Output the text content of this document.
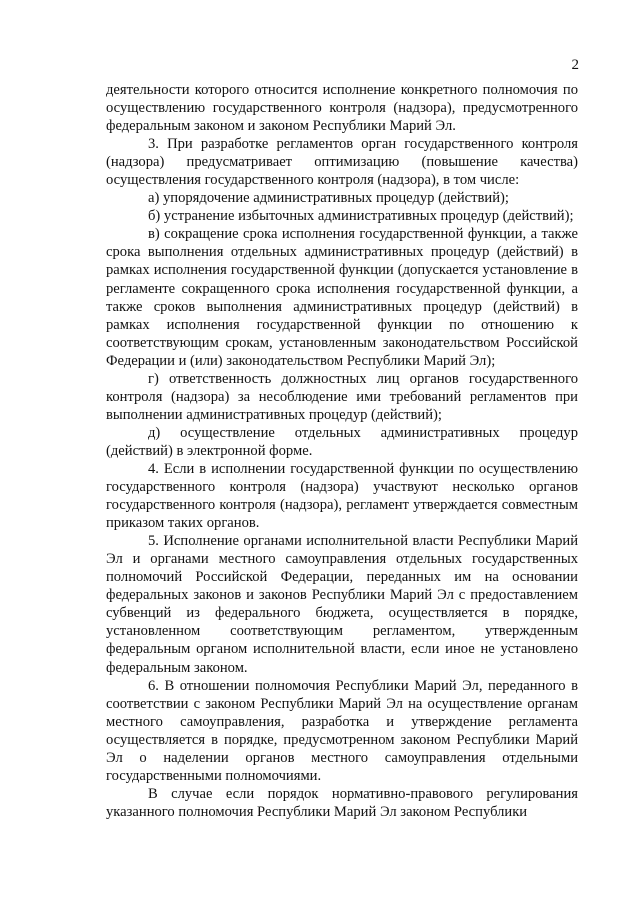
2

деятельности которого относится исполнение конкретного полномочия по осуществлению государственного контроля (надзора), предусмотренного федеральным законом и законом Республики Марий Эл.

3. При разработке регламентов орган государственного контроля (надзора) предусматривает оптимизацию (повышение качества) осуществления государственного контроля (надзора), в том числе:

а) упорядочение административных процедур (действий);

б) устранение избыточных административных процедур (действий);

в) сокращение срока исполнения государственной функции, а также срока выполнения отдельных административных процедур (действий) в рамках исполнения государственной функции (допускается установление в регламенте сокращенного срока исполнения государственной функции, а также сроков выполнения административных процедур (действий) в рамках исполнения государственной функции по отношению к соответствующим срокам, установленным законодательством Российской Федерации и (или) законодательством Республики Марий Эл);

г) ответственность должностных лиц органов государственного контроля (надзора) за несоблюдение ими требований регламентов при выполнении административных процедур (действий);

д) осуществление отдельных административных процедур (действий) в электронной форме.

4. Если в исполнении государственной функции по осуществлению государственного контроля (надзора) участвуют несколько органов государственного контроля (надзора), регламент утверждается совместным приказом таких органов.

5. Исполнение органами исполнительной власти Республики Марий Эл и органами местного самоуправления отдельных государственных полномочий Российской Федерации, переданных им на основании федеральных законов и законов Республики Марий Эл с предоставлением субвенций из федерального бюджета, осуществляется в порядке, установленном соответствующим регламентом, утвержденным федеральным органом исполнительной власти, если иное не установлено федеральным законом.

6. В отношении полномочия Республики Марий Эл, переданного в соответствии с законом Республики Марий Эл на осуществление органам местного самоуправления, разработка и утверждение регламента осуществляется в порядке, предусмотренном законом Республики Марий Эл о наделении органов местного самоуправления отдельными государственными полномочиями.

В случае если порядок нормативно-правового регулирования указанного полномочия Республики Марий Эл законом Республики
